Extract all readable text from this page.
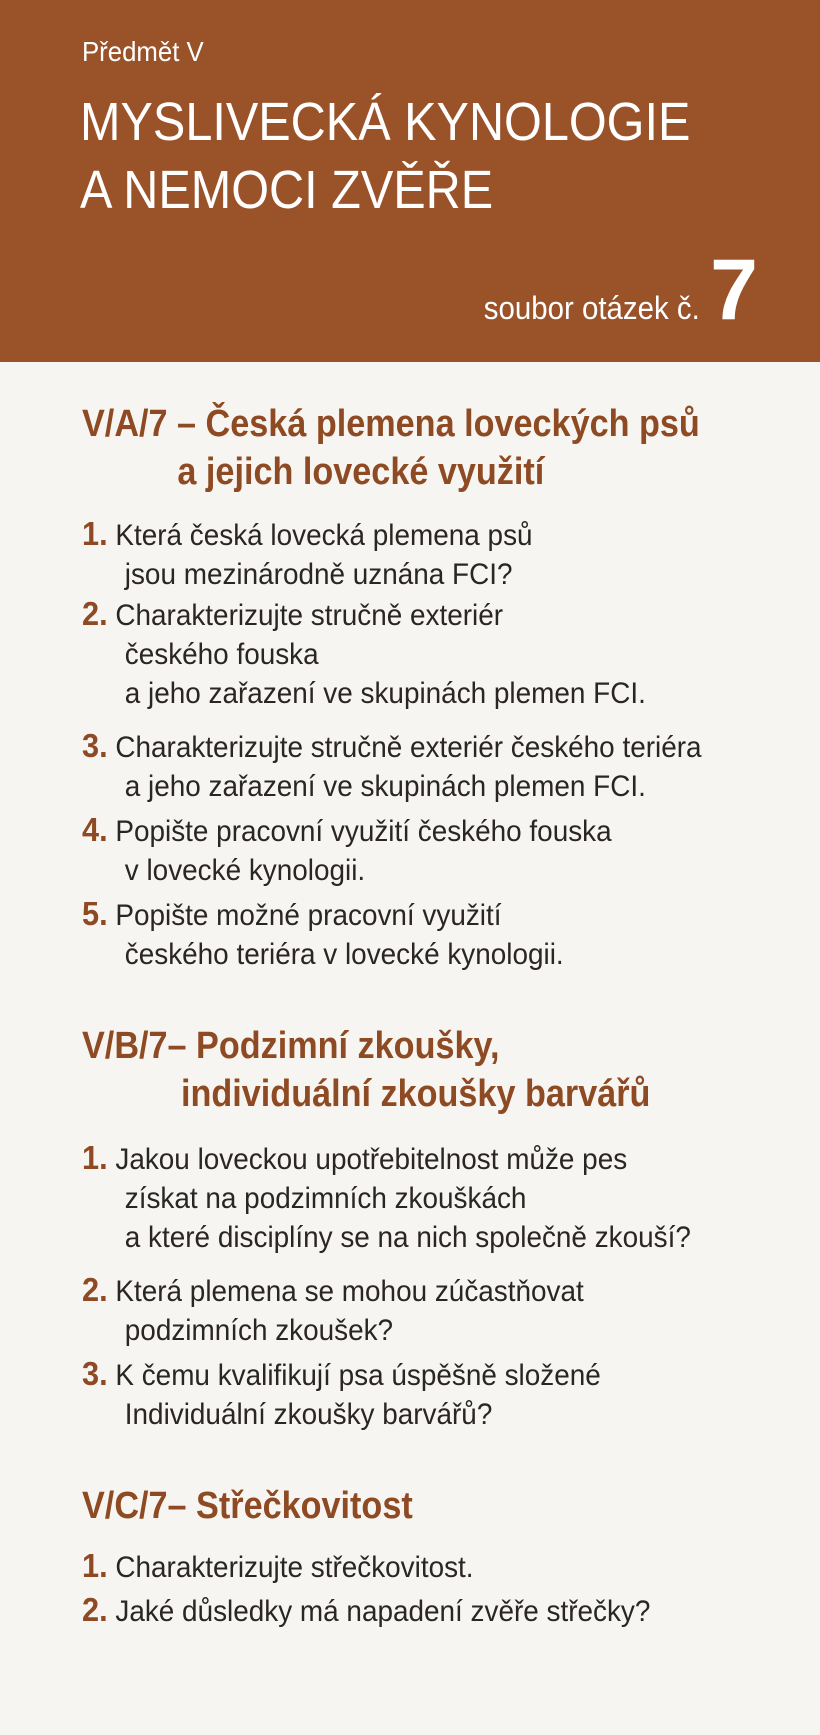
Předmět V
MYSLIVECKÁ KYNOLOGIE
A NEMOCI ZVĚŘE
soubor otázek č. 7
V/A/7 – Česká plemena loveckých psů
a jejich lovecké využití
1. Která česká lovecká plemena psů
jsou mezinárodně uznána FCI?
2. Charakterizujte stručně exteriér
českého fouska
a jeho zařazení ve skupinách plemen FCI.
3. Charakterizujte stručně exteriér českého teriéra
a jeho zařazení ve skupinách plemen FCI.
4. Popište pracovní využití českého fouska
v lovecké kynologii.
5. Popište možné pracovní využití
českého teriéra v lovecké kynologii.
V/B/7– Podzimní zkoušky,
individuální zkoušky barvářů
1. Jakou loveckou upotřebitelnost může pes
získat na podzimních zkouškách
a které disciplíny se na nich společně zkouší?
2. Která plemena se mohou zúčastňovat
podzimních zkoušek?
3. K čemu kvalifikují psa úspěšně složené
Individuální zkoušky barvářů?
V/C/7– Střečkovitost
1. Charakterizujte střečkovitost.
2. Jaké důsledky má napadení zvěře střečky?
